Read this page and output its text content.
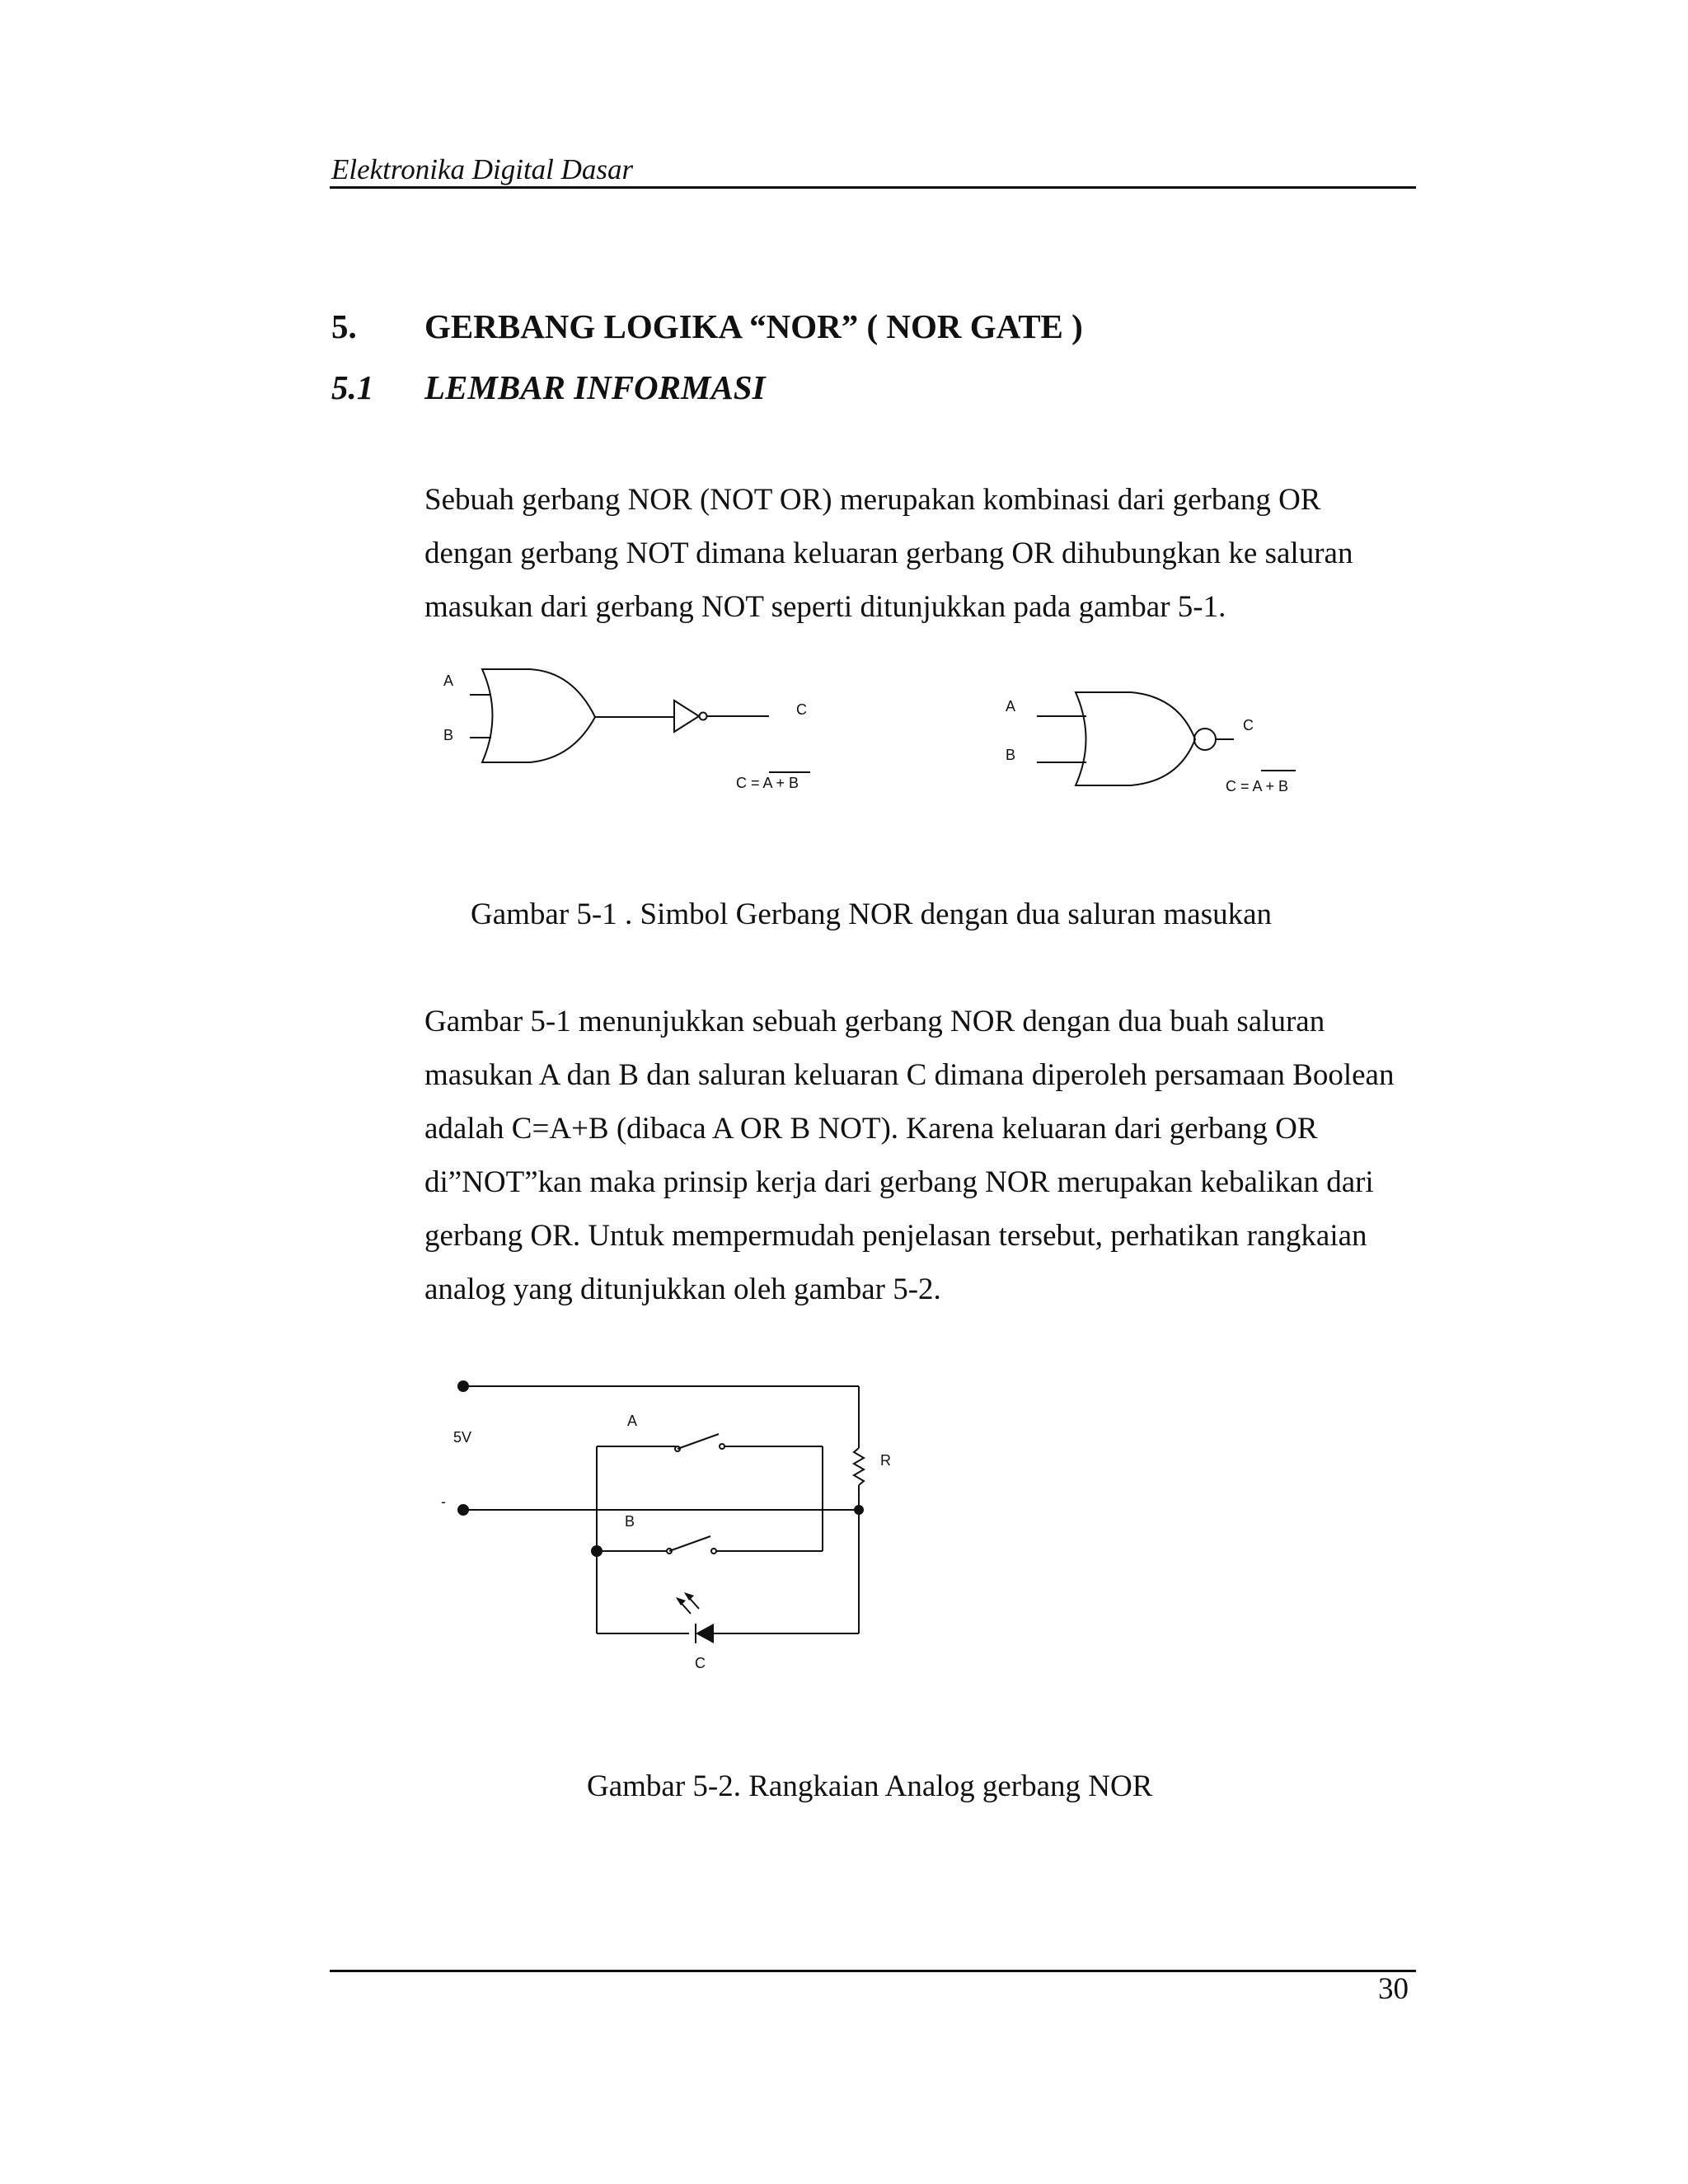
Elektronika Digital Dasar
5. GERBANG LOGIKA “NOR” ( NOR GATE )
5.1 LEMBAR INFORMASI

Sebuah gerbang NOR (NOT OR) merupakan kombinasi dari gerbang OR

dengan gerbang NOT dimana keluaran gerbang OR dihubungkan ke saluran

masukan dari gerbang NOT seperti ditunjukkan pada gambar 5-1.

A
B
C
C = A + B
A
B
C
C = A + B
Gambar 5-1 . Simbol Gerbang NOR dengan dua saluran masukan

Gambar 5-1 menunjukkan sebuah gerbang NOR dengan dua buah saluran

masukan A dan B dan saluran keluaran C dimana diperoleh persamaan Boolean

adalah C=A+B (dibaca A OR B NOT). Karena keluaran dari gerbang OR

di”NOT”kan maka prinsip kerja dari gerbang NOR merupakan kebalikan dari

gerbang OR. Untuk mempermudah penjelasan tersebut, perhatikan rangkaian

analog yang ditunjukkan oleh gambar 5-2.

5V
-
A
B
R
C
Gambar 5-2. Rangkaian Analog gerbang NOR
30
